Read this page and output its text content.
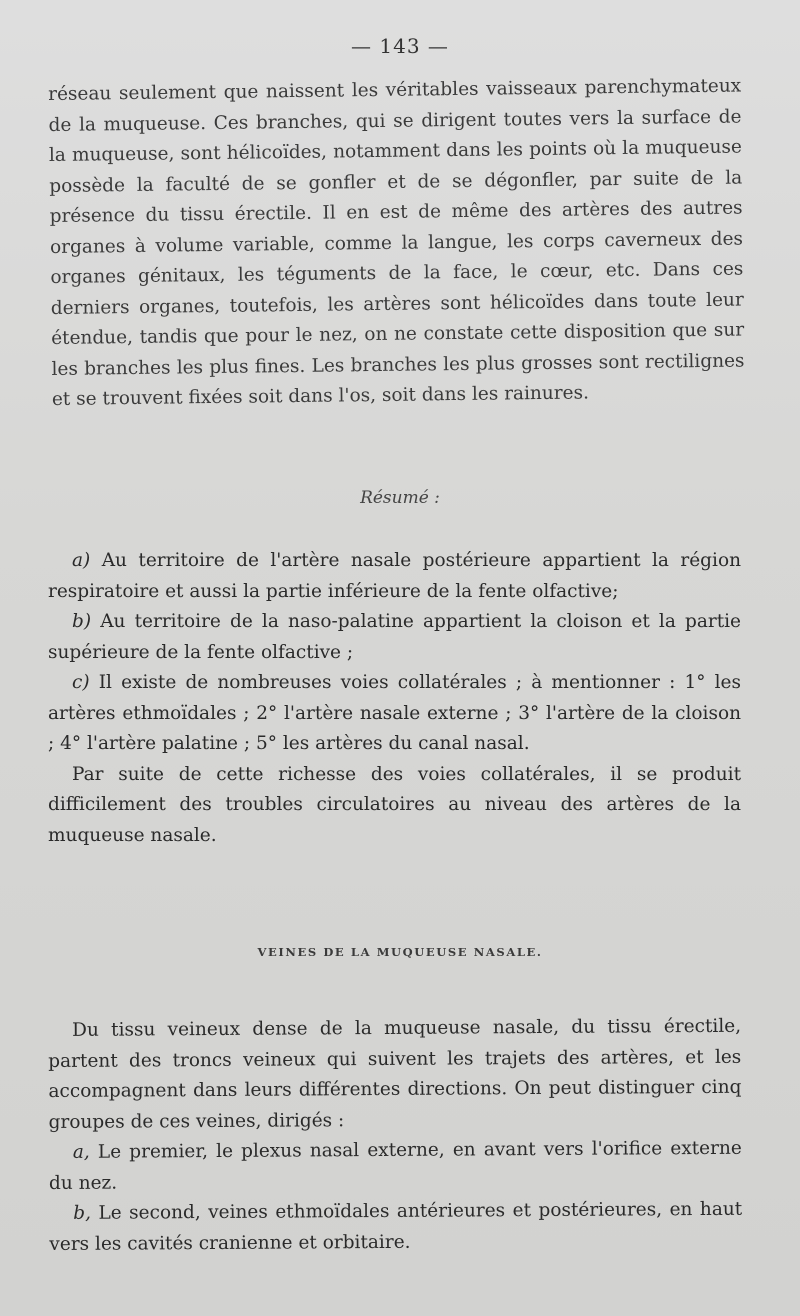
— 143 —

réseau seulement que naissent les véritables vaisseaux parenchymateux de la muqueuse. Ces branches, qui se dirigent toutes vers la surface de la muqueuse, sont hélicoïdes, notamment dans les points où la muqueuse possède la faculté de se gonfler et de se dégonfler, par suite de la présence du tissu érectile. Il en est de même des artères des autres organes à volume variable, comme la langue, les corps caverneux des organes génitaux, les téguments de la face, le cœur, etc. Dans ces derniers organes, toutefois, les artères sont hélicoïdes dans toute leur étendue, tandis que pour le nez, on ne constate cette disposition que sur les branches les plus fines. Les branches les plus grosses sont rectilignes et se trouvent fixées soit dans l'os, soit dans les rainures.

Résumé :

a) Au territoire de l'artère nasale postérieure appartient la région respiratoire et aussi la partie inférieure de la fente olfactive;

b) Au territoire de la naso-palatine appartient la cloison et la partie supérieure de la fente olfactive ;

c) Il existe de nombreuses voies collatérales ; à mentionner : 1° les artères ethmoïdales ; 2° l'artère nasale externe ; 3° l'artère de la cloison ; 4° l'artère palatine ; 5° les artères du canal nasal.

Par suite de cette richesse des voies collatérales, il se produit difficilement des troubles circulatoires au niveau des artères de la muqueuse nasale.

VEINES DE LA MUQUEUSE NASALE.

Du tissu veineux dense de la muqueuse nasale, du tissu érectile, partent des troncs veineux qui suivent les trajets des artères, et les accompagnent dans leurs différentes directions. On peut distinguer cinq groupes de ces veines, dirigés :

a, Le premier, le plexus nasal externe, en avant vers l'orifice externe du nez.

b, Le second, veines ethmoïdales antérieures et postérieures, en haut vers les cavités cranienne et orbitaire.
